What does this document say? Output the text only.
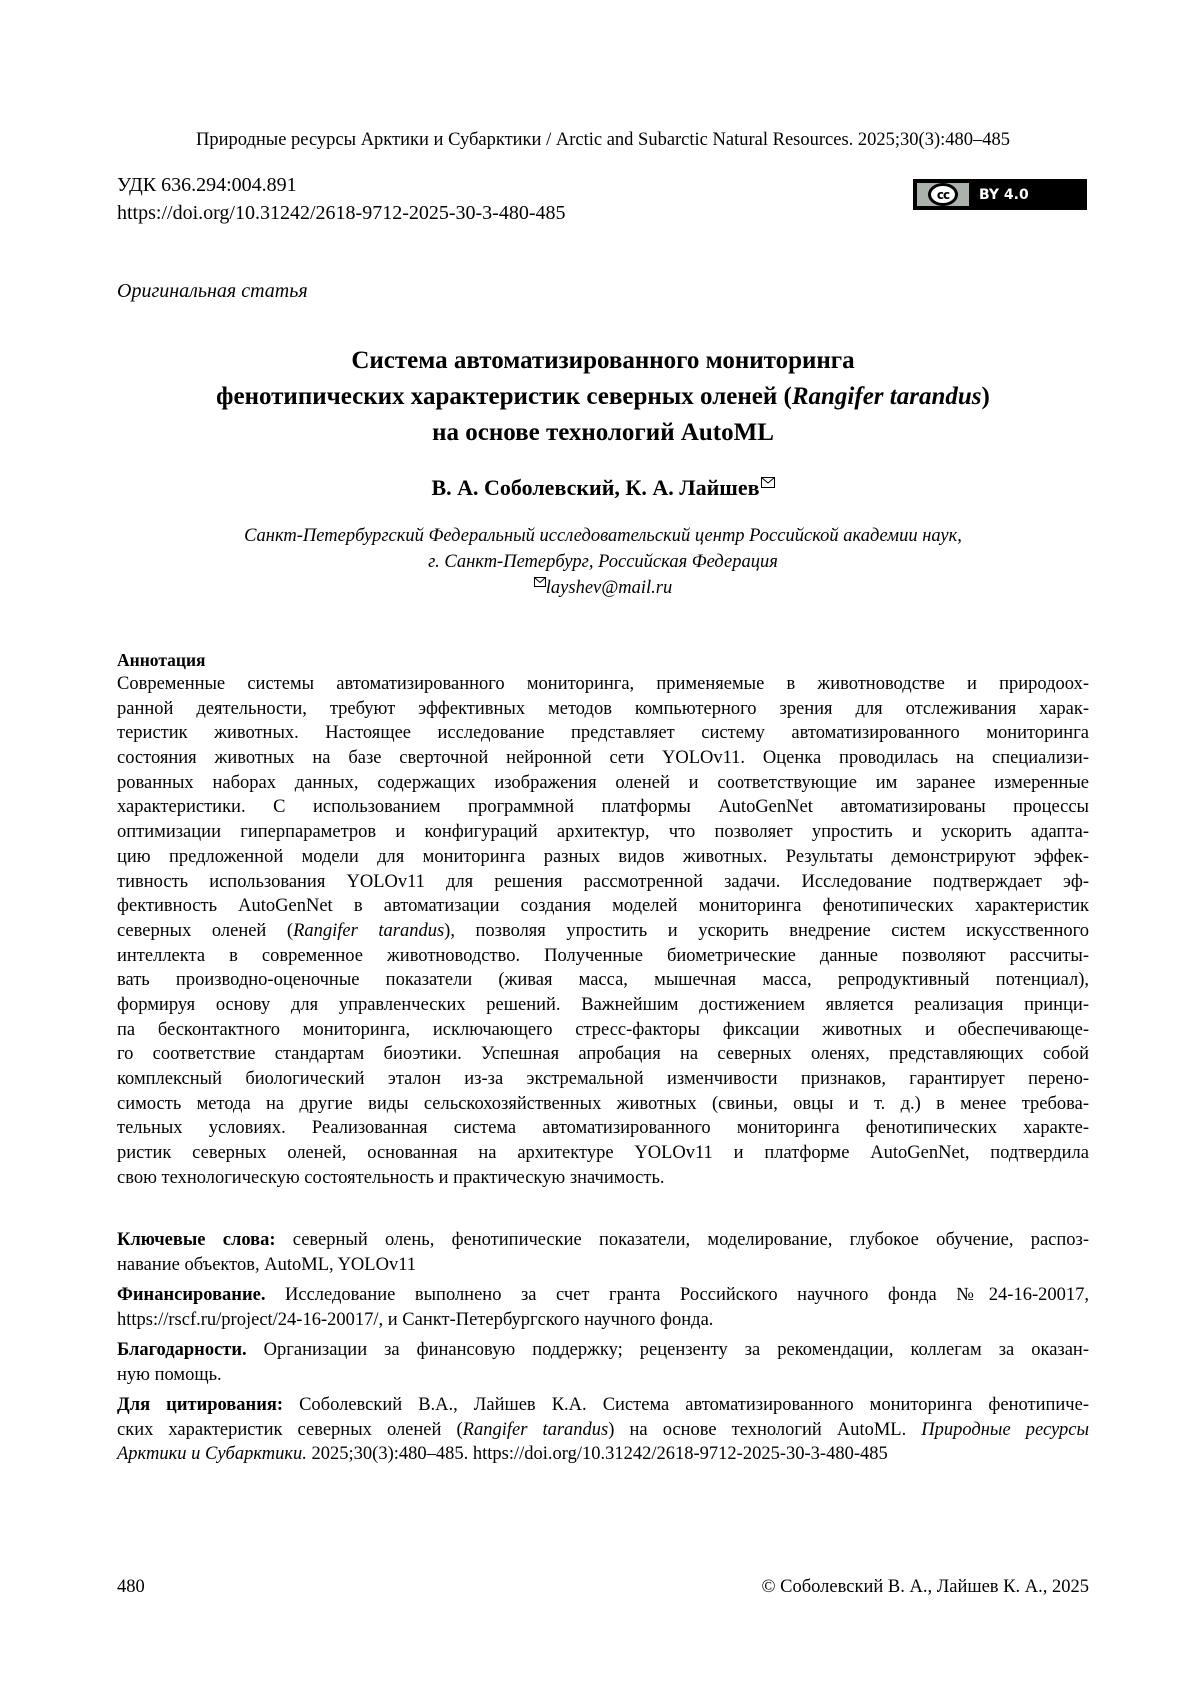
Природные ресурсы Арктики и Субарктики / Arctic and Subarctic Natural Resources. 2025;30(3):480–485
УДК 636.294:004.891
https://doi.org/10.31242/2618-9712-2025-30-3-480-485
cc	BY 4.0
Оригинальная статья
Система автоматизированного мониторинга
фенотипических характеристик северных оленей (Rangifer tarandus)
на основе технологий AutoML
В. А. Соболевский, К. А. Лайшев
Санкт-Петербургский Федеральный исследовательский центр Российской академии наук,
г. Санкт-Петербург, Российская Федерация
layshev@mail.ru
Аннотация
Современные системы автоматизированного мониторинга, применяемые в животноводстве и природоох-
ранной деятельности, требуют эффективных методов компьютерного зрения для отслеживания харак-
теристик животных. Настоящее исследование представляет систему автоматизированного мониторинга
состояния животных на базе сверточной нейронной сети YOLOv11. Оценка проводилась на специализи-
рованных наборах данных, содержащих изображения оленей и соответствующие им заранее измеренные
характеристики. С использованием программной платформы AutoGenNet автоматизированы процессы
оптимизации гиперпараметров и конфигураций архитектур, что позволяет упростить и ускорить адапта-
цию предложенной модели для мониторинга разных видов животных. Результаты демонстрируют эффек-
тивность использования YOLOv11 для решения рассмотренной задачи. Исследование подтверждает эф-
фективность AutoGenNet в автоматизации создания моделей мониторинга фенотипических характеристик
северных оленей (Rangifer tarandus), позволяя упростить и ускорить внедрение систем искусственного
интеллекта в современное животноводство. Полученные биометрические данные позволяют рассчиты-
вать производно-оценочные показатели (живая масса, мышечная масса, репродуктивный потенциал),
формируя основу для управленческих решений. Важнейшим достижением является реализация принци-
па бесконтактного мониторинга, исключающего стресс-факторы фиксации животных и обеспечивающе-
го соответствие стандартам биоэтики. Успешная апробация на северных оленях, представляющих собой
комплексный биологический эталон из-за экстремальной изменчивости признаков, гарантирует перено-
симость метода на другие виды сельскохозяйственных животных (свиньи, овцы и т. д.) в менее требова-
тельных условиях. Реализованная система автоматизированного мониторинга фенотипических характе-
ристик северных оленей, основанная на архитектуре YOLOv11 и платформе AutoGenNet, подтвердила
свою технологическую состоятельность и практическую значимость.
Ключевые слова: северный олень, фенотипические показатели, моделирование, глубокое обучение, распоз-
навание объектов, AutoML, YOLOv11
Финансирование. Исследование выполнено за счет гранта Российского научного фонда №24-16-20017,
https://rscf.ru/project/24-16-20017/, и Санкт-Петербургского научного фонда.
Благодарности. Организации за финансовую поддержку; рецензенту за рекомендации, коллегам за оказан-
ную помощь.
Для цитирования: Соболевский В.А., Лайшев К.А. Система автоматизированного мониторинга фенотипиче-
ских характеристик северных оленей (Rangifer tarandus) на основе технологий AutoML. Природные ресурсы
Арктики и Субарктики. 2025;30(3):480–485. https://doi.org/10.31242/2618-9712-2025-30-3-480-485
480	© Соболевский В. А., Лайшев К. А., 2025
